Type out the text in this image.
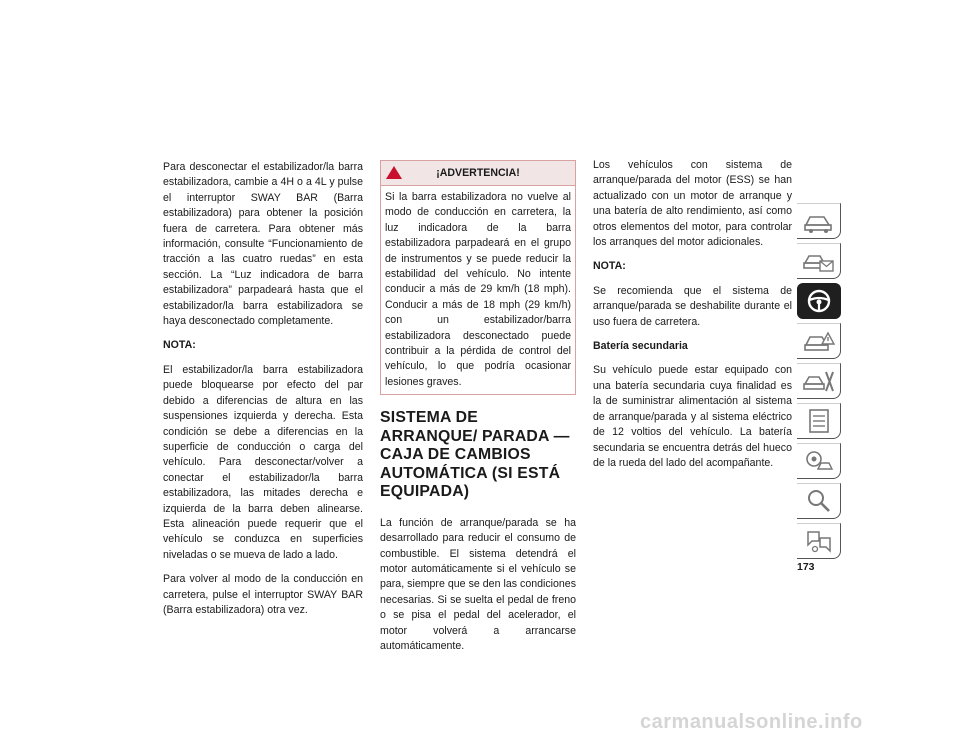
Para desconectar el estabilizador/la barra estabilizadora, cambie a 4H o a 4L y pulse el interruptor SWAY BAR (Barra estabilizadora) para obtener la posición fuera de carretera. Para obtener más información, consulte “Funcionamiento de tracción a las cuatro ruedas” en esta sección. La “Luz indicadora de barra estabilizadora” parpadeará hasta que el estabilizador/la barra estabilizadora se haya desconectado completamente.

NOTA:

El estabilizador/la barra estabilizadora puede bloquearse por efecto del par debido a diferencias de altura en las suspensiones izquierda y derecha. Esta condición se debe a diferencias en la superficie de conducción o carga del vehículo. Para desconectar/volver a conectar el estabilizador/la barra estabilizadora, las mitades derecha e izquierda de la barra deben alinearse. Esta alineación puede requerir que el vehículo se conduzca en superficies niveladas o se mueva de lado a lado.

Para volver al modo de la conducción en carretera, pulse el interruptor SWAY BAR (Barra estabilizadora) otra vez.

¡ADVERTENCIA!
Si la barra estabilizadora no vuelve al modo de conducción en carretera, la luz indicadora de la barra estabilizadora parpadeará en el grupo de instrumentos y se puede reducir la estabilidad del vehículo. No intente conducir a más de 29 km/h (18 mph). Conducir a más de 18 mph (29 km/h) con un estabilizador/barra estabilizadora desconectado puede contribuir a la pérdida de control del vehículo, lo que podría ocasionar lesiones graves.
SISTEMA DE ARRANQUE/ PARADA — CAJA DE CAMBIOS AUTOMÁTICA (SI ESTÁ EQUIPADA)

La función de arranque/parada se ha desarrollado para reducir el consumo de combustible. El sistema detendrá el motor automáticamente si el vehículo se para, siempre que se den las condiciones necesarias. Si se suelta el pedal de freno o se pisa el pedal del acelerador, el motor volverá a arrancarse automáticamente.

Los vehículos con sistema de arranque/parada del motor (ESS) se han actualizado con un motor de arranque y una batería de alto rendimiento, así como otros elementos del motor, para controlar los arranques del motor adicionales.

NOTA:

Se recomienda que el sistema de arranque/parada se deshabilite durante el uso fuera de carretera.

Batería secundaria

Su vehículo puede estar equipado con una batería secundaria cuya finalidad es la de suministrar alimentación al sistema de arranque/parada y al sistema eléctrico de 12 voltios del vehículo. La batería secundaria se encuentra detrás del hueco de la rueda del lado del acompañante.

173
carmanualsonline.info
